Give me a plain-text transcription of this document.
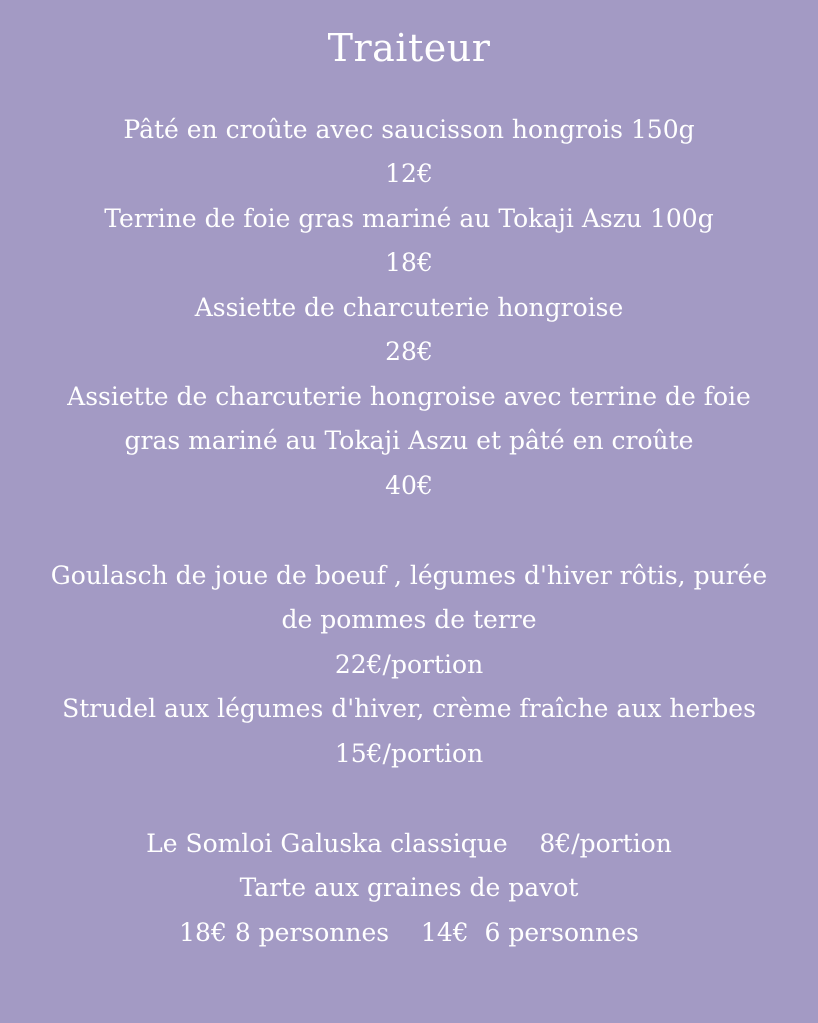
Traiteur
Pâté en croûte avec saucisson hongrois 150g
12€
Terrine de foie gras mariné au Tokaji Aszu 100g
18€
Assiette de charcuterie hongroise
28€
Assiette de charcuterie hongroise avec terrine de foie
gras mariné au Tokaji Aszu et pâté en croûte
40€
Goulasch de joue de boeuf , légumes d'hiver rôtis, purée
de pommes de terre
22€/portion
Strudel aux légumes d'hiver, crème fraîche aux herbes
15€/portion
Le Somloi Galuska classique    8€/portion
Tarte aux graines de pavot
18€ 8 personnes    14€  6 personnes
